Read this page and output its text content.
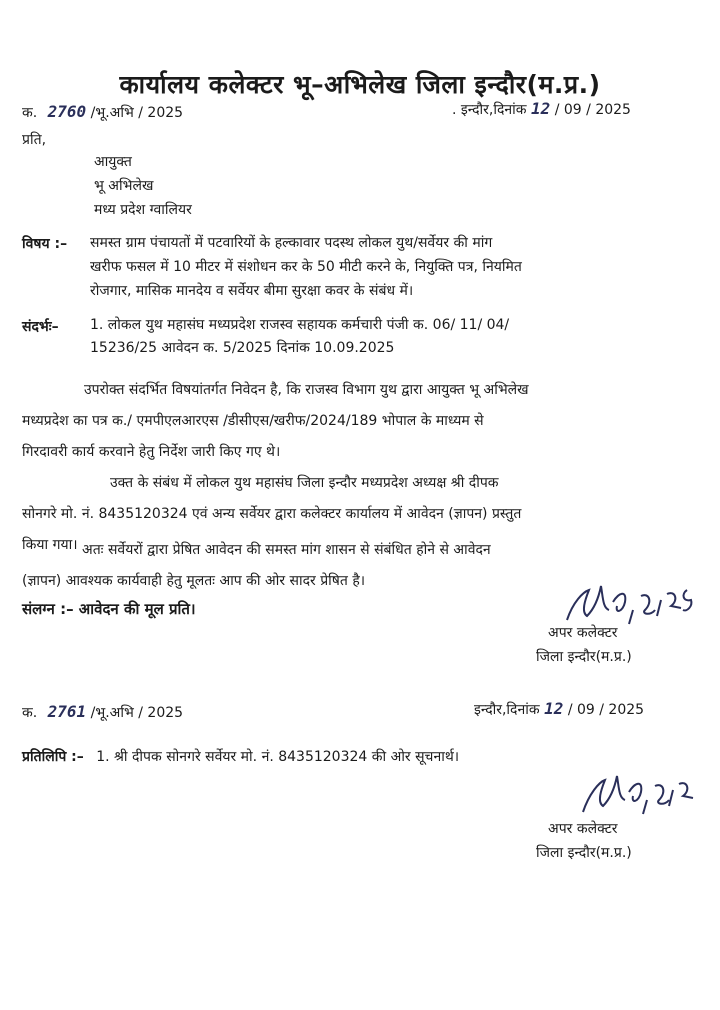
कार्यालय कलेक्टर भू–अभिलेख जिला इन्दौर(म.प्र.)
क. 2760 /भू.अभि / 2025	. इन्दौर,दिनांक 12 / 09 / 2025
प्रति,
आयुक्त
भू अभिलेख
मध्य प्रदेश ग्वालियर
विषय :– समस्त ग्राम पंचायतों में पटवारियों के हल्कावार पदस्थ लोकल युथ/सर्वेयर की मांग
खरीफ फसल में 10 मीटर में संशोधन कर के 50 मीटी करने के, नियुक्ति पत्र, नियमित
रोजगार, मासिक मानदेय व सर्वेयर बीमा सुरक्षा कवर के संबंध में।
संदर्भः– 1. लोकल युथ महासंघ मध्यप्रदेश राजस्व सहायक कर्मचारी पंजी क. 06/ 11/ 04/
15236/25 आवेदन क. 5/2025 दिनांक 10.09.2025
उपरोक्त संदर्भित विषयांतर्गत निवेदन है, कि राजस्व विभाग युथ द्वारा आयुक्त भू अभिलेख
मध्यप्रदेश का पत्र क./ एमपीएलआरएस /डीसीएस/खरीफ/2024/189 भोपाल के माध्यम से
गिरदावरी कार्य करवाने हेतु निर्देश जारी किए गए थे।
उक्त के संबंध में लोकल युथ महासंघ जिला इन्दौर मध्यप्रदेश अध्यक्ष श्री दीपक
सोनगरे मो. नं. 8435120324 एवं अन्य सर्वेयर द्वारा कलेक्टर कार्यालय में आवेदन (ज्ञापन) प्रस्तुत
किया गया। अतः सर्वेयरों द्वारा प्रेषित आवेदन की समस्त मांग शासन से संबंधित होने से आवेदन
(ज्ञापन) आवश्यक कार्यवाही हेतु मूलतः आप की ओर सादर प्रेषित है।
संलग्न :– आवेदन की मूल प्रति।
अपर कलेक्टर
जिला इन्दौर(म.प्र.)
क. 2761 /भू.अभि / 2025	इन्दौर,दिनांक 12 / 09 / 2025
प्रतिलिपि :– 1. श्री दीपक सोनगरे सर्वेयर मो. नं. 8435120324 की ओर सूचनार्थ।
अपर कलेक्टर
जिला इन्दौर(म.प्र.)
